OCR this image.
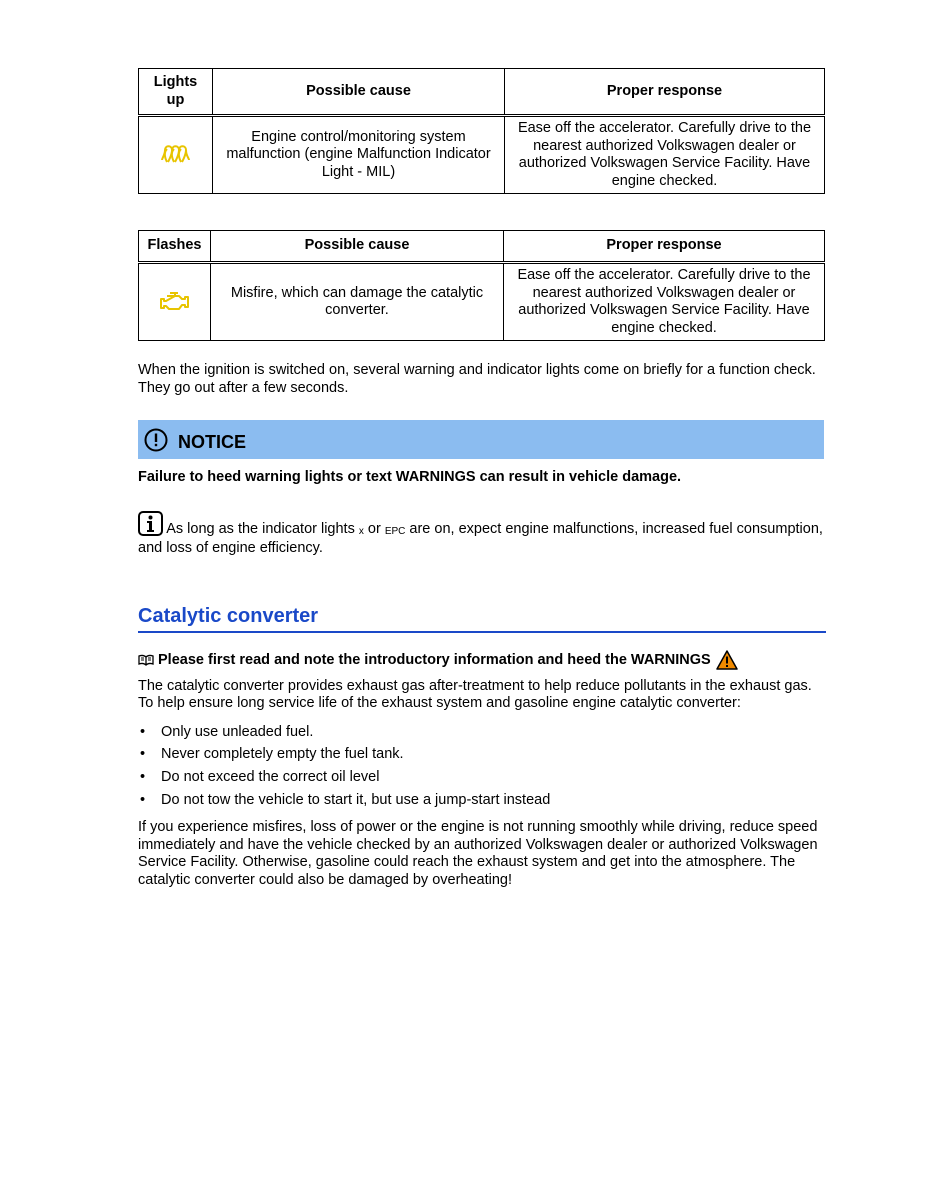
Lights up	Possible cause	Proper response

	Engine control/monitoring system malfunction (engine Malfunction Indicator Light - MIL)	Ease off the accelerator. Carefully drive to the nearest authorized Volkswagen dealer or authorized Volkswagen Service Facility. Have engine checked.
Flashes	Possible cause	Proper response

	Misfire, which can damage the catalytic converter.	Ease off the accelerator. Carefully drive to the nearest authorized Volkswagen dealer or authorized Volkswagen Service Facility. Have engine checked.

When the ignition is switched on, several warning and indicator lights come on briefly for a function check. They go out after a few seconds.

NOTICE
Failure to heed warning lights or text WARNINGS can result in vehicle damage.
As long as the indicator lights x or EPC are on, expect engine malfunctions, increased fuel consumption, and loss of engine efficiency.
Catalytic converter
Please first read and note the introductory information and heed the WARNINGS

The catalytic converter provides exhaust gas after-treatment to help reduce pollutants in the exhaust gas. To help ensure long service life of the exhaust system and gasoline engine catalytic converter:

• Only use unleaded fuel.
• Never completely empty the fuel tank.
• Do not exceed the correct oil level
• Do not tow the vehicle to start it, but use a jump-start instead

If you experience misfires, loss of power or the engine is not running smoothly while driving, reduce speed immediately and have the vehicle checked by an authorized Volkswagen dealer or authorized Volkswagen Service Facility. Otherwise, gasoline could reach the exhaust system and get into the atmosphere. The catalytic converter could also be damaged by overheating!
